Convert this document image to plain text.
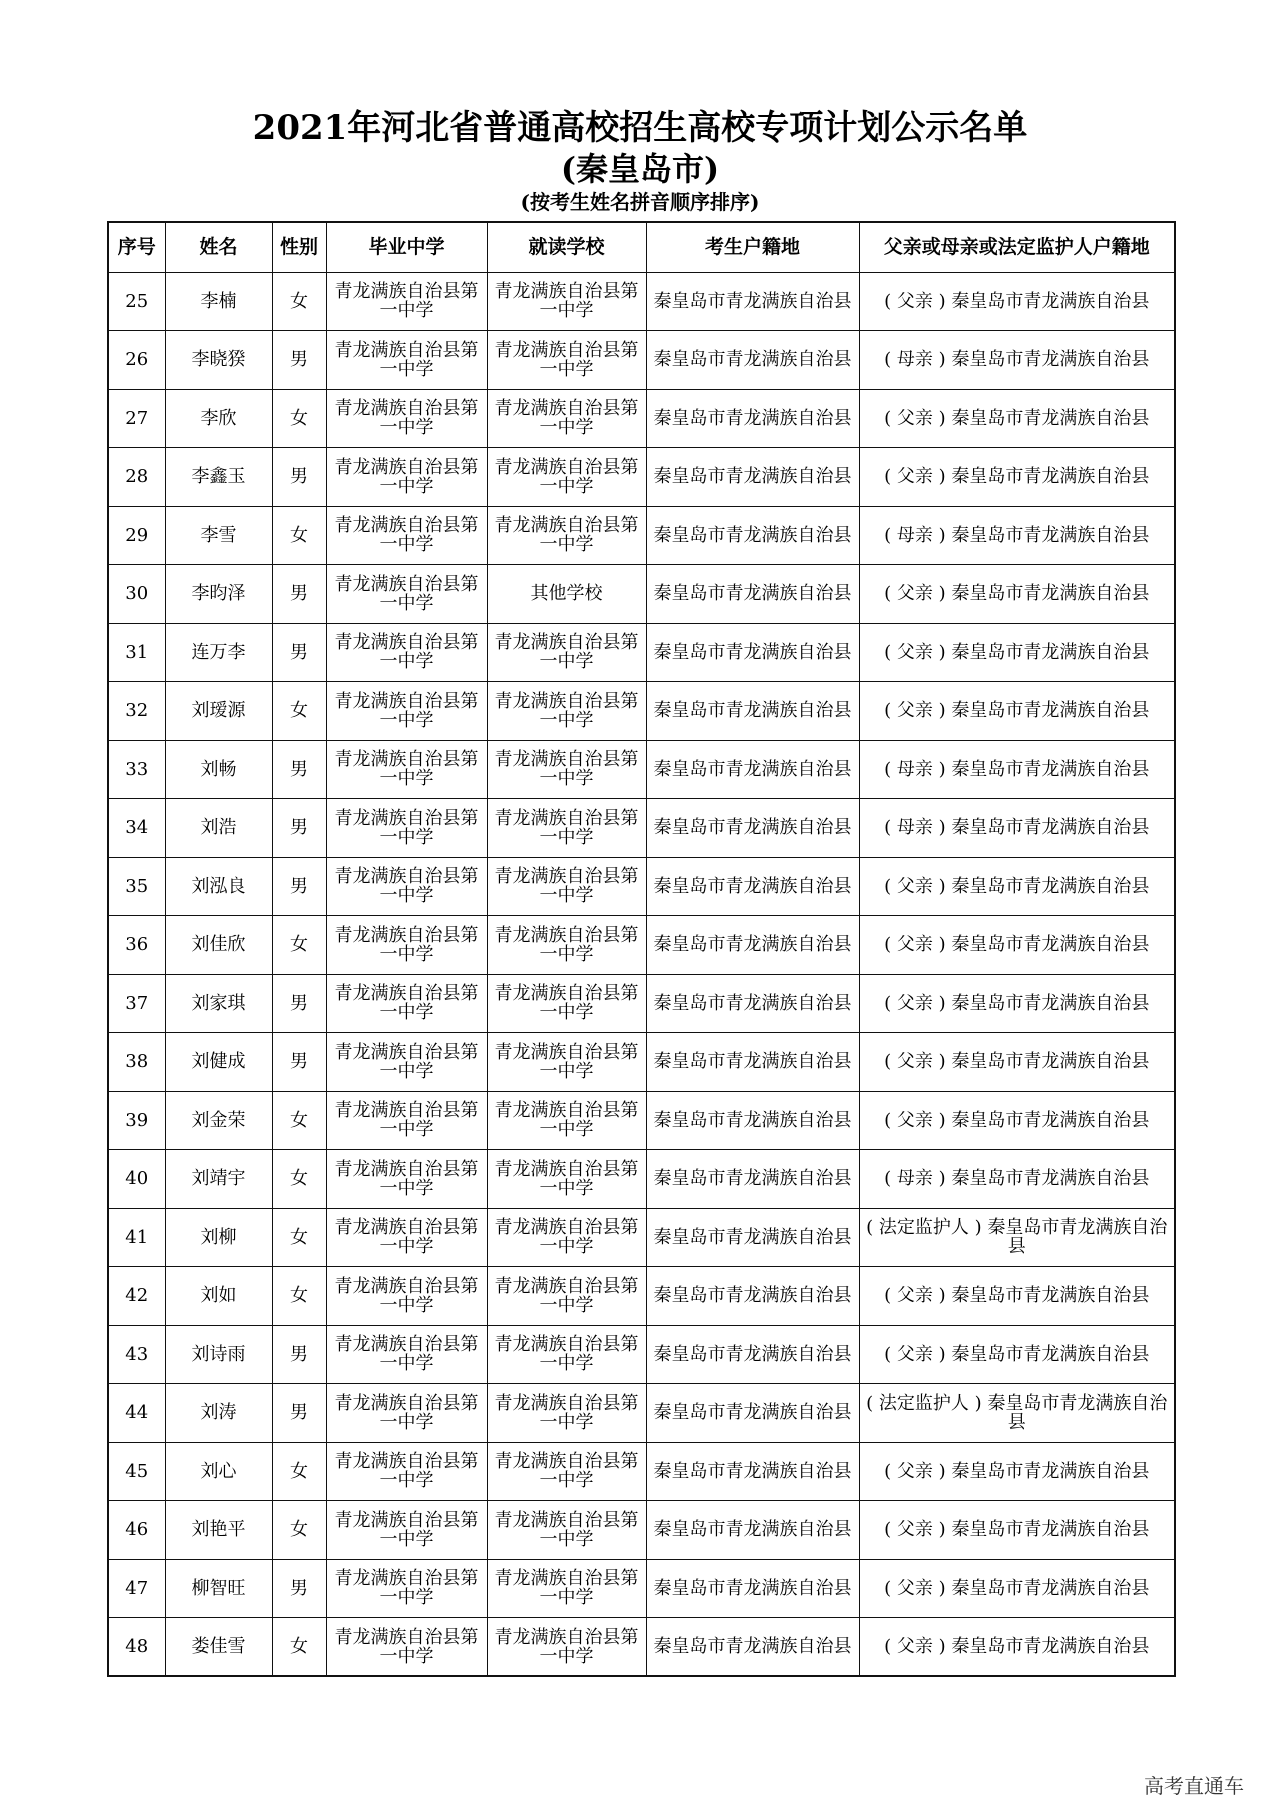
2021年河北省普通高校招生高校专项计划公示名单
(秦皇岛市)
(按考生姓名拼音顺序排序)
序号	姓名	性别	毕业中学	就读学校	考生户籍地	父亲或母亲或法定监护人户籍地
25	李楠	女	青龙满族自治县第一中学	青龙满族自治县第一中学	秦皇岛市青龙满族自治县	( 父亲 ) 秦皇岛市青龙满族自治县
26	李晓猤	男	青龙满族自治县第一中学	青龙满族自治县第一中学	秦皇岛市青龙满族自治县	( 母亲 ) 秦皇岛市青龙满族自治县
27	李欣	女	青龙满族自治县第一中学	青龙满族自治县第一中学	秦皇岛市青龙满族自治县	( 父亲 ) 秦皇岛市青龙满族自治县
28	李鑫玉	男	青龙满族自治县第一中学	青龙满族自治县第一中学	秦皇岛市青龙满族自治县	( 父亲 ) 秦皇岛市青龙满族自治县
29	李雪	女	青龙满族自治县第一中学	青龙满族自治县第一中学	秦皇岛市青龙满族自治县	( 母亲 ) 秦皇岛市青龙满族自治县
30	李昀泽	男	青龙满族自治县第一中学	其他学校	秦皇岛市青龙满族自治县	( 父亲 ) 秦皇岛市青龙满族自治县
31	连万李	男	青龙满族自治县第一中学	青龙满族自治县第一中学	秦皇岛市青龙满族自治县	( 父亲 ) 秦皇岛市青龙满族自治县
32	刘瑷源	女	青龙满族自治县第一中学	青龙满族自治县第一中学	秦皇岛市青龙满族自治县	( 父亲 ) 秦皇岛市青龙满族自治县
33	刘畅	男	青龙满族自治县第一中学	青龙满族自治县第一中学	秦皇岛市青龙满族自治县	( 母亲 ) 秦皇岛市青龙满族自治县
34	刘浩	男	青龙满族自治县第一中学	青龙满族自治县第一中学	秦皇岛市青龙满族自治县	( 母亲 ) 秦皇岛市青龙满族自治县
35	刘泓良	男	青龙满族自治县第一中学	青龙满族自治县第一中学	秦皇岛市青龙满族自治县	( 父亲 ) 秦皇岛市青龙满族自治县
36	刘佳欣	女	青龙满族自治县第一中学	青龙满族自治县第一中学	秦皇岛市青龙满族自治县	( 父亲 ) 秦皇岛市青龙满族自治县
37	刘家琪	男	青龙满族自治县第一中学	青龙满族自治县第一中学	秦皇岛市青龙满族自治县	( 父亲 ) 秦皇岛市青龙满族自治县
38	刘健成	男	青龙满族自治县第一中学	青龙满族自治县第一中学	秦皇岛市青龙满族自治县	( 父亲 ) 秦皇岛市青龙满族自治县
39	刘金荣	女	青龙满族自治县第一中学	青龙满族自治县第一中学	秦皇岛市青龙满族自治县	( 父亲 ) 秦皇岛市青龙满族自治县
40	刘靖宇	女	青龙满族自治县第一中学	青龙满族自治县第一中学	秦皇岛市青龙满族自治县	( 母亲 ) 秦皇岛市青龙满族自治县
41	刘柳	女	青龙满族自治县第一中学	青龙满族自治县第一中学	秦皇岛市青龙满族自治县	( 法定监护人 ) 秦皇岛市青龙满族自治县
42	刘如	女	青龙满族自治县第一中学	青龙满族自治县第一中学	秦皇岛市青龙满族自治县	( 父亲 ) 秦皇岛市青龙满族自治县
43	刘诗雨	男	青龙满族自治县第一中学	青龙满族自治县第一中学	秦皇岛市青龙满族自治县	( 父亲 ) 秦皇岛市青龙满族自治县
44	刘涛	男	青龙满族自治县第一中学	青龙满族自治县第一中学	秦皇岛市青龙满族自治县	( 法定监护人 ) 秦皇岛市青龙满族自治县
45	刘心	女	青龙满族自治县第一中学	青龙满族自治县第一中学	秦皇岛市青龙满族自治县	( 父亲 ) 秦皇岛市青龙满族自治县
46	刘艳平	女	青龙满族自治县第一中学	青龙满族自治县第一中学	秦皇岛市青龙满族自治县	( 父亲 ) 秦皇岛市青龙满族自治县
47	柳智旺	男	青龙满族自治县第一中学	青龙满族自治县第一中学	秦皇岛市青龙满族自治县	( 父亲 ) 秦皇岛市青龙满族自治县
48	娄佳雪	女	青龙满族自治县第一中学	青龙满族自治县第一中学	秦皇岛市青龙满族自治县	( 父亲 ) 秦皇岛市青龙满族自治县
高考直通车
